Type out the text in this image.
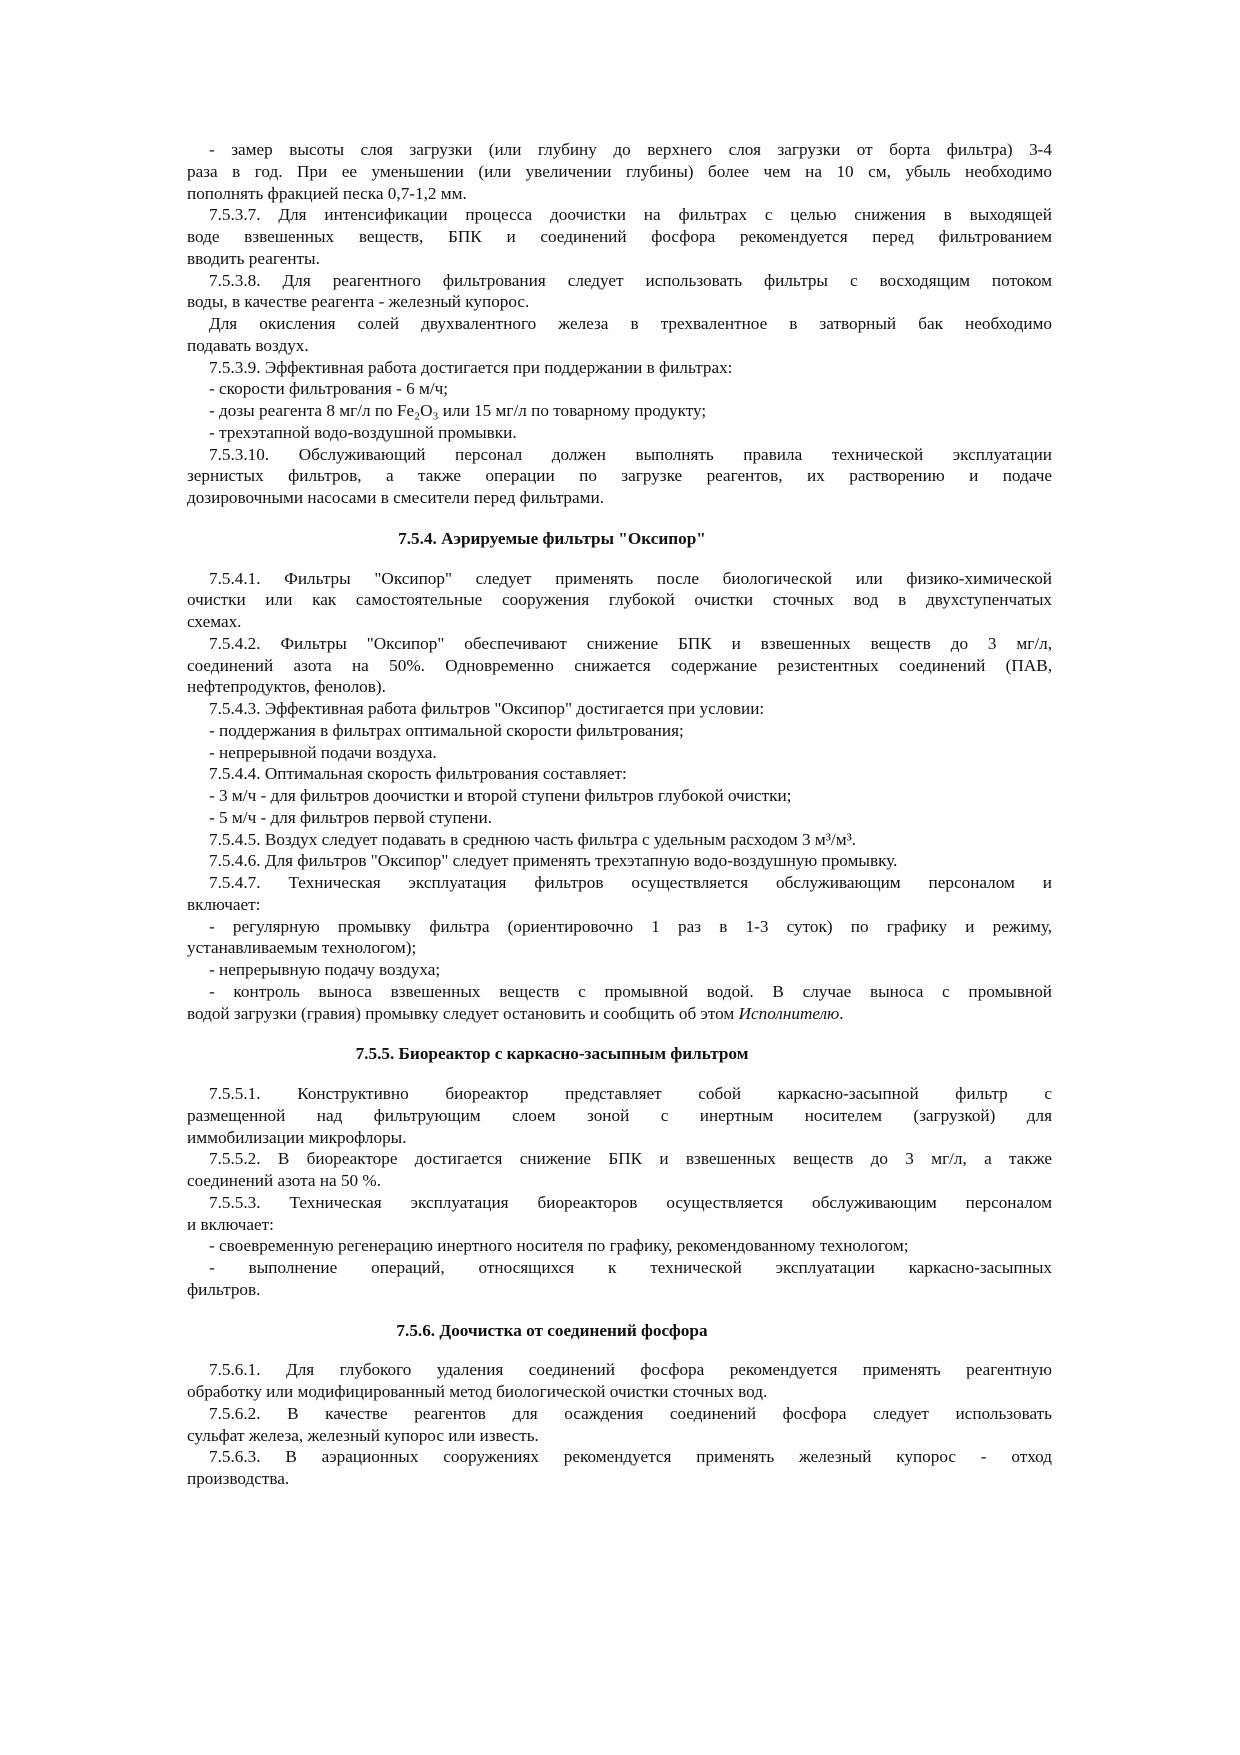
- замер высоты слоя загрузки (или глубину до верхнего слоя загрузки от борта фильтра) 3-4
раза в год. При ее уменьшении (или увеличении глубины) более чем на 10 см, убыль необходимо
пополнять фракцией песка 0,7-1,2 мм.
7.5.3.7. Для интенсификации процесса доочистки на фильтрах с целью снижения в выходящей
воде взвешенных веществ, БПК и соединений фосфора рекомендуется перед фильтрованием
вводить реагенты.
7.5.3.8. Для реагентного фильтрования следует использовать фильтры с восходящим потоком
воды, в качестве реагента - железный купорос.
Для окисления солей двухвалентного железа в трехвалентное в затворный бак необходимо
подавать воздух.
7.5.3.9. Эффективная работа достигается при поддержании в фильтрах:
- скорости фильтрования - 6 м/ч;
- дозы реагента 8 мг/л по Fe₂O₃ или 15 мг/л по товарному продукту;
- трехэтапной водо-воздушной промывки.
7.5.3.10. Обслуживающий персонал должен выполнять правила технической эксплуатации
зернистых фильтров, а также операции по загрузке реагентов, их растворению и подаче
дозировочными насосами в смесители перед фильтрами.
7.5.4. Аэрируемые фильтры "Оксипор"
7.5.4.1. Фильтры "Оксипор" следует применять после биологической или физико-химической
очистки или как самостоятельные сооружения глубокой очистки сточных вод в двухступенчатых
схемах.
7.5.4.2. Фильтры "Оксипор" обеспечивают снижение БПК и взвешенных веществ до 3 мг/л,
соединений азота на 50%. Одновременно снижается содержание резистентных соединений (ПАВ,
нефтепродуктов, фенолов).
7.5.4.3. Эффективная работа фильтров "Оксипор" достигается при условии:
- поддержания в фильтрах оптимальной скорости фильтрования;
- непрерывной подачи воздуха.
7.5.4.4. Оптимальная скорость фильтрования составляет:
- 3 м/ч - для фильтров доочистки и второй ступени фильтров глубокой очистки;
- 5 м/ч - для фильтров первой ступени.
7.5.4.5. Воздух следует подавать в среднюю часть фильтра с удельным расходом 3 м³/м³.
7.5.4.6. Для фильтров "Оксипор" следует применять трехэтапную водо-воздушную промывку.
7.5.4.7. Техническая эксплуатация фильтров осуществляется обслуживающим персоналом и
включает:
- регулярную промывку фильтра (ориентировочно 1 раз в 1-3 суток) по графику и режиму,
устанавливаемым технологом);
- непрерывную подачу воздуха;
- контроль выноса взвешенных веществ с промывной водой. В случае выноса с промывной
водой загрузки (гравия) промывку следует остановить и сообщить об этом Исполнителю.
7.5.5. Биореактор с каркасно-засыпным фильтром
7.5.5.1. Конструктивно биореактор представляет собой каркасно-засыпной фильтр с
размещенной над фильтрующим слоем зоной с инертным носителем (загрузкой) для
иммобилизации микрофлоры.
7.5.5.2. В биореакторе достигается снижение БПК и взвешенных веществ до 3 мг/л, а также
соединений азота на 50 %.
7.5.5.3. Техническая эксплуатация биореакторов осуществляется обслуживающим персоналом
и включает:
- своевременную регенерацию инертного носителя по графику, рекомендованному технологом;
- выполнение операций, относящихся к технической эксплуатации каркасно-засыпных
фильтров.
7.5.6. Доочистка от соединений фосфора
7.5.6.1. Для глубокого удаления соединений фосфора рекомендуется применять реагентную
обработку или модифицированный метод биологической очистки сточных вод.
7.5.6.2. В качестве реагентов для осаждения соединений фосфора следует использовать
сульфат железа, железный купорос или известь.
7.5.6.3. В аэрационных сооружениях рекомендуется применять железный купорос - отход
производства.
